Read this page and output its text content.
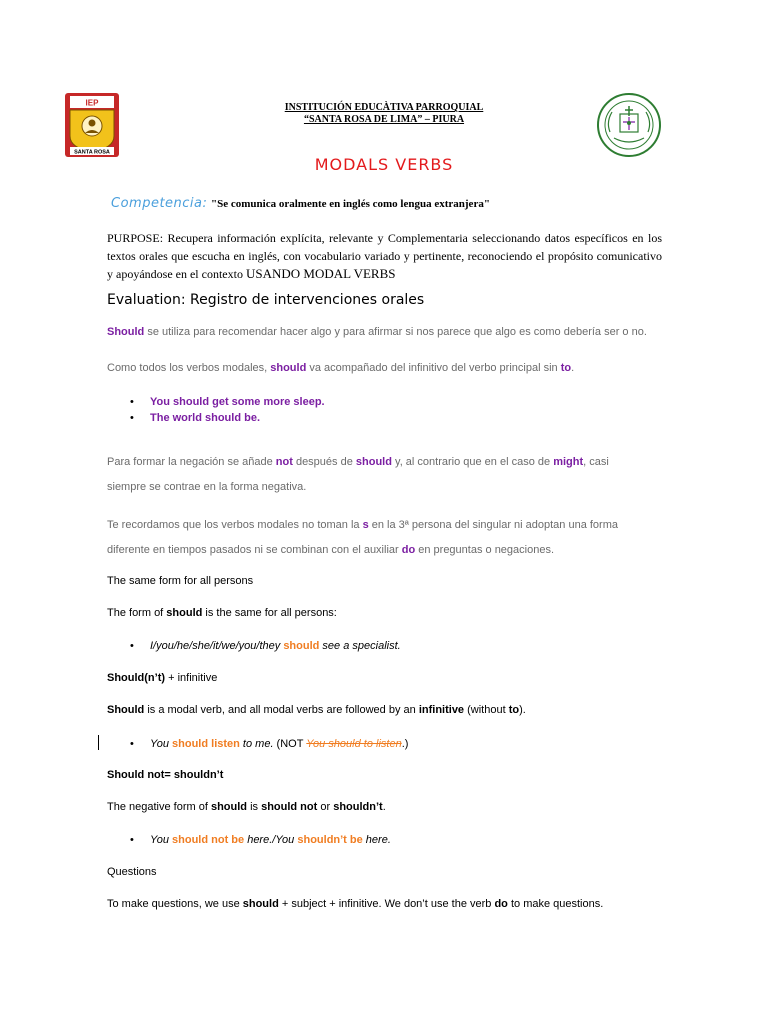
IEP
SANTA ROSA
INSTITUCIÓN EDUCÀTIVA PARROQUIAL
“SANTA ROSA DE LIMA” – PIURA
MODALS VERBS
Competencia: "Se comunica oralmente en inglés como lengua extranjera"
PURPOSE: Recupera información explícita, relevante y Complementaria seleccionando datos específicos en los textos orales que escucha en inglés, con vocabulario variado y pertinente, reconociendo el propósito comunicativo y apoyándose en el contexto USANDO MODAL VERBS
Evaluation: Registro de intervenciones orales
Should se utiliza para recomendar hacer algo y para afirmar si nos parece que algo es como debería ser o no.
Como todos los verbos modales, should va acompañado del infinitivo del verbo principal sin to.
• You should get some more sleep.
• The world should be.
Para formar la negación se añade not después de should y, al contrario que en el caso de might, casi
siempre se contrae en la forma negativa.
Te recordamos que los verbos modales no toman la s en la 3ª persona del singular ni adoptan una forma
diferente en tiempos pasados ni se combinan con el auxiliar do en preguntas o negaciones.
The same form for all persons
The form of should is the same for all persons:
• I/you/he/she/it/we/you/they should see a specialist.
Should(n’t) + infinitive
Should is a modal verb, and all modal verbs are followed by an infinitive (without to).
• You should listen to me. (NOT You should to listen.)
Should not= shouldn’t
The negative form of should is should not or shouldn’t.
• You should not be here./You shouldn’t be here.
Questions
To make questions, we use should + subject + infinitive. We don’t use the verb do to make questions.
